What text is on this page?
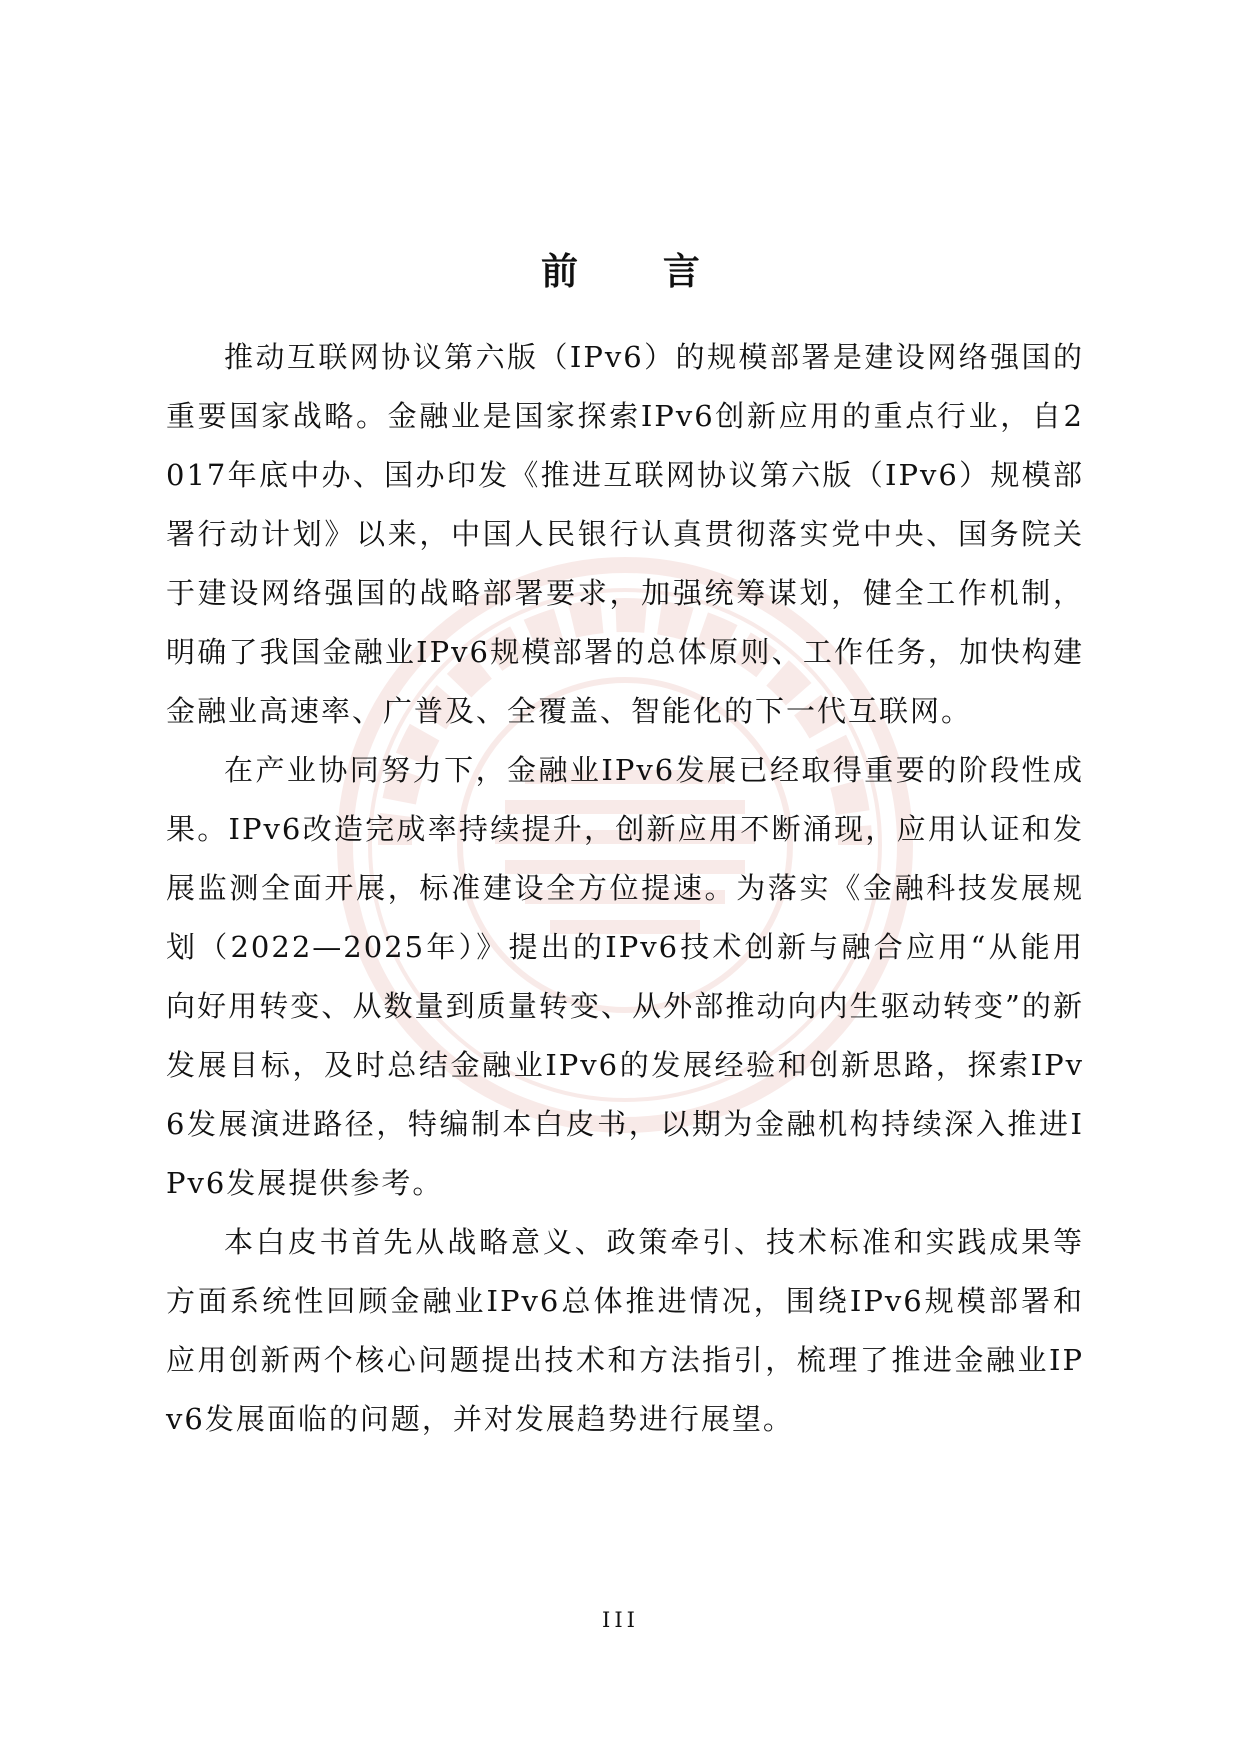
前 言

推动互联网协议第六版（IPv6）的规模部署是建设网络强国的重要国家战略。金融业是国家探索IPv6创新应用的重点行业，自2017年底中办、国办印发《推进互联网协议第六版（IPv6）规模部署行动计划》以来，中国人民银行认真贯彻落实党中央、国务院关于建设网络强国的战略部署要求，加强统筹谋划，健全工作机制，明确了我国金融业IPv6规模部署的总体原则、工作任务，加快构建金融业高速率、广普及、全覆盖、智能化的下一代互联网。

在产业协同努力下，金融业IPv6发展已经取得重要的阶段性成果。IPv6改造完成率持续提升，创新应用不断涌现，应用认证和发展监测全面开展，标准建设全方位提速。为落实《金融科技发展规划（2022—2025年）》提出的IPv6技术创新与融合应用“从能用向好用转变、从数量到质量转变、从外部推动向内生驱动转变”的新发展目标，及时总结金融业IPv6的发展经验和创新思路，探索IPv6发展演进路径，特编制本白皮书，以期为金融机构持续深入推进IPv6发展提供参考。

本白皮书首先从战略意义、政策牵引、技术标准和实践成果等方面系统性回顾金融业IPv6总体推进情况，围绕IPv6规模部署和应用创新两个核心问题提出技术和方法指引，梳理了推进金融业IPv6发展面临的问题，并对发展趋势进行展望。

III
